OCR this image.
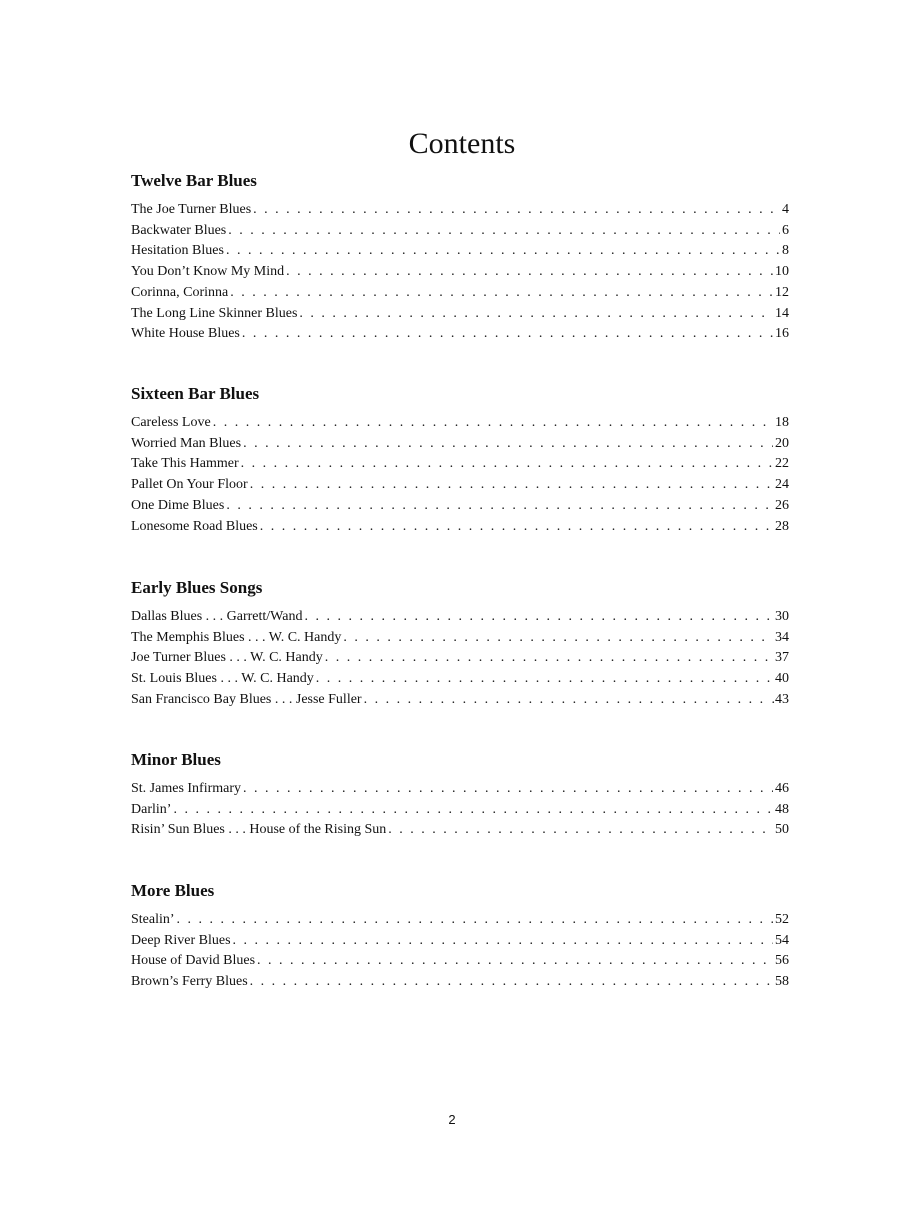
Contents
Twelve Bar Blues
The Joe Turner Blues . . .	4
Backwater Blues . . .	6
Hesitation Blues . . .	8
You Don’t Know My Mind . . .	10
Corinna, Corinna . . .	12
The Long Line Skinner Blues . . .	14
White House Blues . . .	16
Sixteen Bar Blues
Careless Love . . .	18
Worried Man Blues . . .	20
Take This Hammer . . .	22
Pallet On Your Floor . . .	24
One Dime Blues . . .	26
Lonesome Road Blues . . .	28
Early Blues Songs
Dallas Blues . . . Garrett/Wand . . .	30
The Memphis Blues . . . W. C. Handy . . .	34
Joe Turner Blues . . . W. C. Handy . . .	37
St. Louis Blues . . . W. C. Handy . . .	40
San Francisco Bay Blues . . . Jesse Fuller . . .	.43
Minor Blues
St. James Infirmary . . .	46
Darlin’ . . .	48
Risin’ Sun Blues . . . House of the Rising Sun . . .	50
More Blues
Stealin’ . . .	52
Deep River Blues . . .	54
House of David Blues . . .	56
Brown’s Ferry Blues . . .	58
2
